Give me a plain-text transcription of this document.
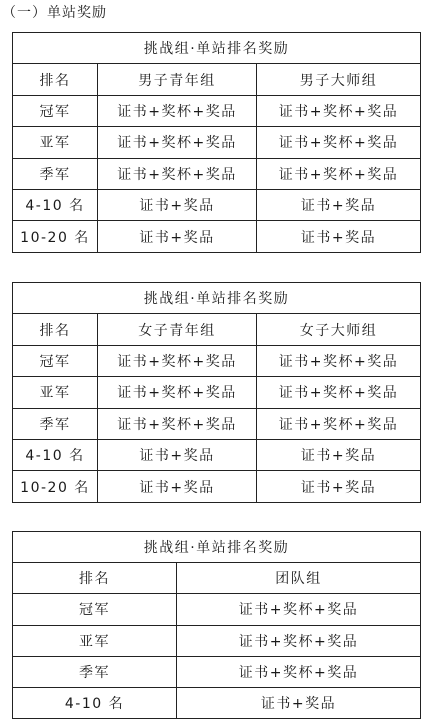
（一）单站奖励
挑战组·单站排名奖励		
排名	男子青年组	男子大师组
冠军	证书+奖杯+奖品	证书+奖杯+奖品
亚军	证书+奖杯+奖品	证书+奖杯+奖品
季军	证书+奖杯+奖品	证书+奖杯+奖品
4-10 名	证书+奖品	证书+奖品
10-20 名	证书+奖品	证书+奖品
挑战组·单站排名奖励		
排名	女子青年组	女子大师组
冠军	证书+奖杯+奖品	证书+奖杯+奖品
亚军	证书+奖杯+奖品	证书+奖杯+奖品
季军	证书+奖杯+奖品	证书+奖杯+奖品
4-10 名	证书+奖品	证书+奖品
10-20 名	证书+奖品	证书+奖品
挑战组·单站排名奖励	
排名	团队组
冠军	证书+奖杯+奖品
亚军	证书+奖杯+奖品
季军	证书+奖杯+奖品
4-10 名	证书+奖品
